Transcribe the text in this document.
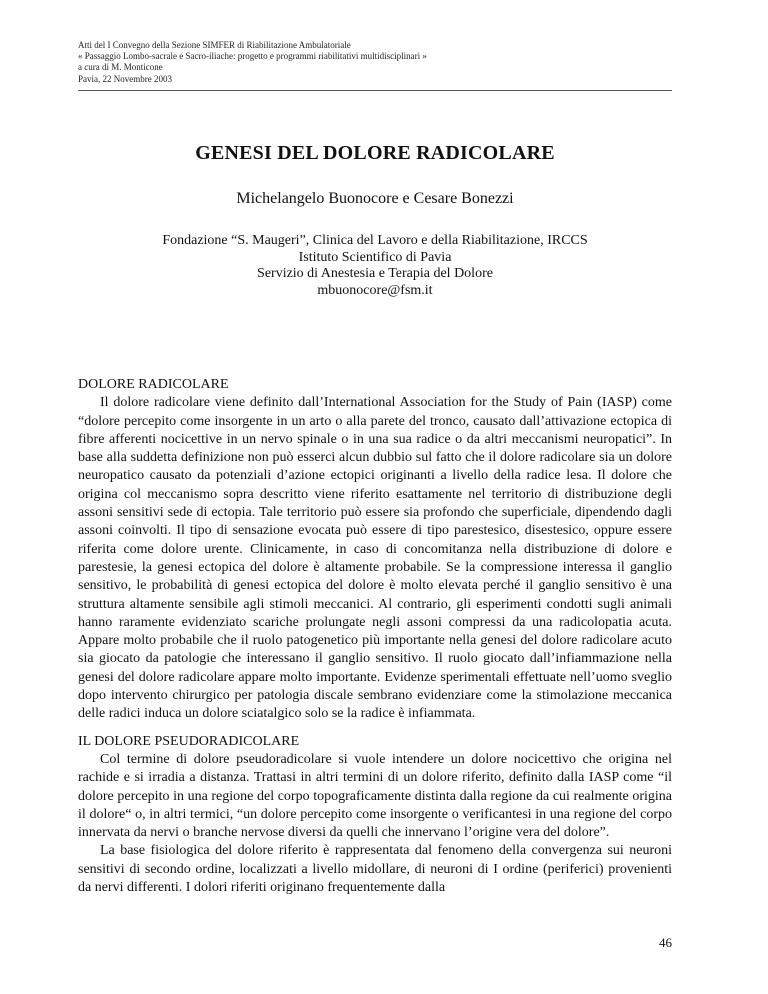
Atti del I Convegno della Sezione SIMFER di Riabilitazione Ambulatoriale
« Passaggio Lombo-sacrale e Sacro-iliache: progetto e programmi riabilitativi multidisciplinari »
a cura di M. Monticone
Pavia, 22 Novembre 2003
GENESI DEL DOLORE RADICOLARE
Michelangelo Buonocore e Cesare Bonezzi
Fondazione “S. Maugeri”, Clinica del Lavoro e della Riabilitazione, IRCCS
Istituto Scientifico di Pavia
Servizio di Anestesia e Terapia del Dolore
mbuonocore@fsm.it

DOLORE RADICOLARE

Il dolore radicolare viene definito dall’International Association for the Study of Pain (IASP) come “dolore percepito come insorgente in un arto o alla parete del tronco, causato dall’attivazione ectopica di fibre afferenti nocicettive in un nervo spinale o in una sua radice o da altri meccanismi neuropatici”. In base alla suddetta definizione non può esserci alcun dubbio sul fatto che il dolore radicolare sia un dolore neuropatico causato da potenziali d’azione ectopici originanti a livello della radice lesa. Il dolore che origina col meccanismo sopra descritto viene riferito esattamente nel territorio di distribuzione degli assoni sensitivi sede di ectopia. Tale territorio può essere sia profondo che superficiale, dipendendo dagli assoni coinvolti. Il tipo di sensazione evocata può essere di tipo parestesico, disestesico, oppure essere riferita come dolore urente. Clinicamente, in caso di concomitanza nella distribuzione di dolore e parestesie, la genesi ectopica del dolore è altamente probabile. Se la compressione interessa il ganglio sensitivo, le probabilità di genesi ectopica del dolore è molto elevata perché il ganglio sensitivo è una struttura altamente sensibile agli stimoli meccanici. Al contrario, gli esperimenti condotti sugli animali hanno raramente evidenziato scariche prolungate negli assoni compressi da una radicolopatia acuta. Appare molto probabile che il ruolo patogenetico più importante nella genesi del dolore radicolare acuto sia giocato da patologie che interessano il ganglio sensitivo. Il ruolo giocato dall’infiammazione nella genesi del dolore radicolare appare molto importante. Evidenze sperimentali effettuate nell’uomo sveglio dopo intervento chirurgico per patologia discale sembrano evidenziare come la stimolazione meccanica delle radici induca un dolore sciatalgico solo se la radice è infiammata.

IL DOLORE PSEUDORADICOLARE

Col termine di dolore pseudoradicolare si vuole intendere un dolore nocicettivo che origina nel rachide e si irradia a distanza. Trattasi in altri termini di un dolore riferito, definito dalla IASP come “il dolore percepito in una regione del corpo topograficamente distinta dalla regione da cui realmente origina il dolore“ o, in altri termici, “un dolore percepito come insorgente o verificantesi in una regione del corpo innervata da nervi o branche nervose diversi da quelli che innervano l’origine vera del dolore”.

La base fisiologica del dolore riferito è rappresentata dal fenomeno della convergenza sui neuroni sensitivi di secondo ordine, localizzati a livello midollare, di neuroni di I ordine (periferici) provenienti da nervi differenti. I dolori riferiti originano frequentemente dalla

46
